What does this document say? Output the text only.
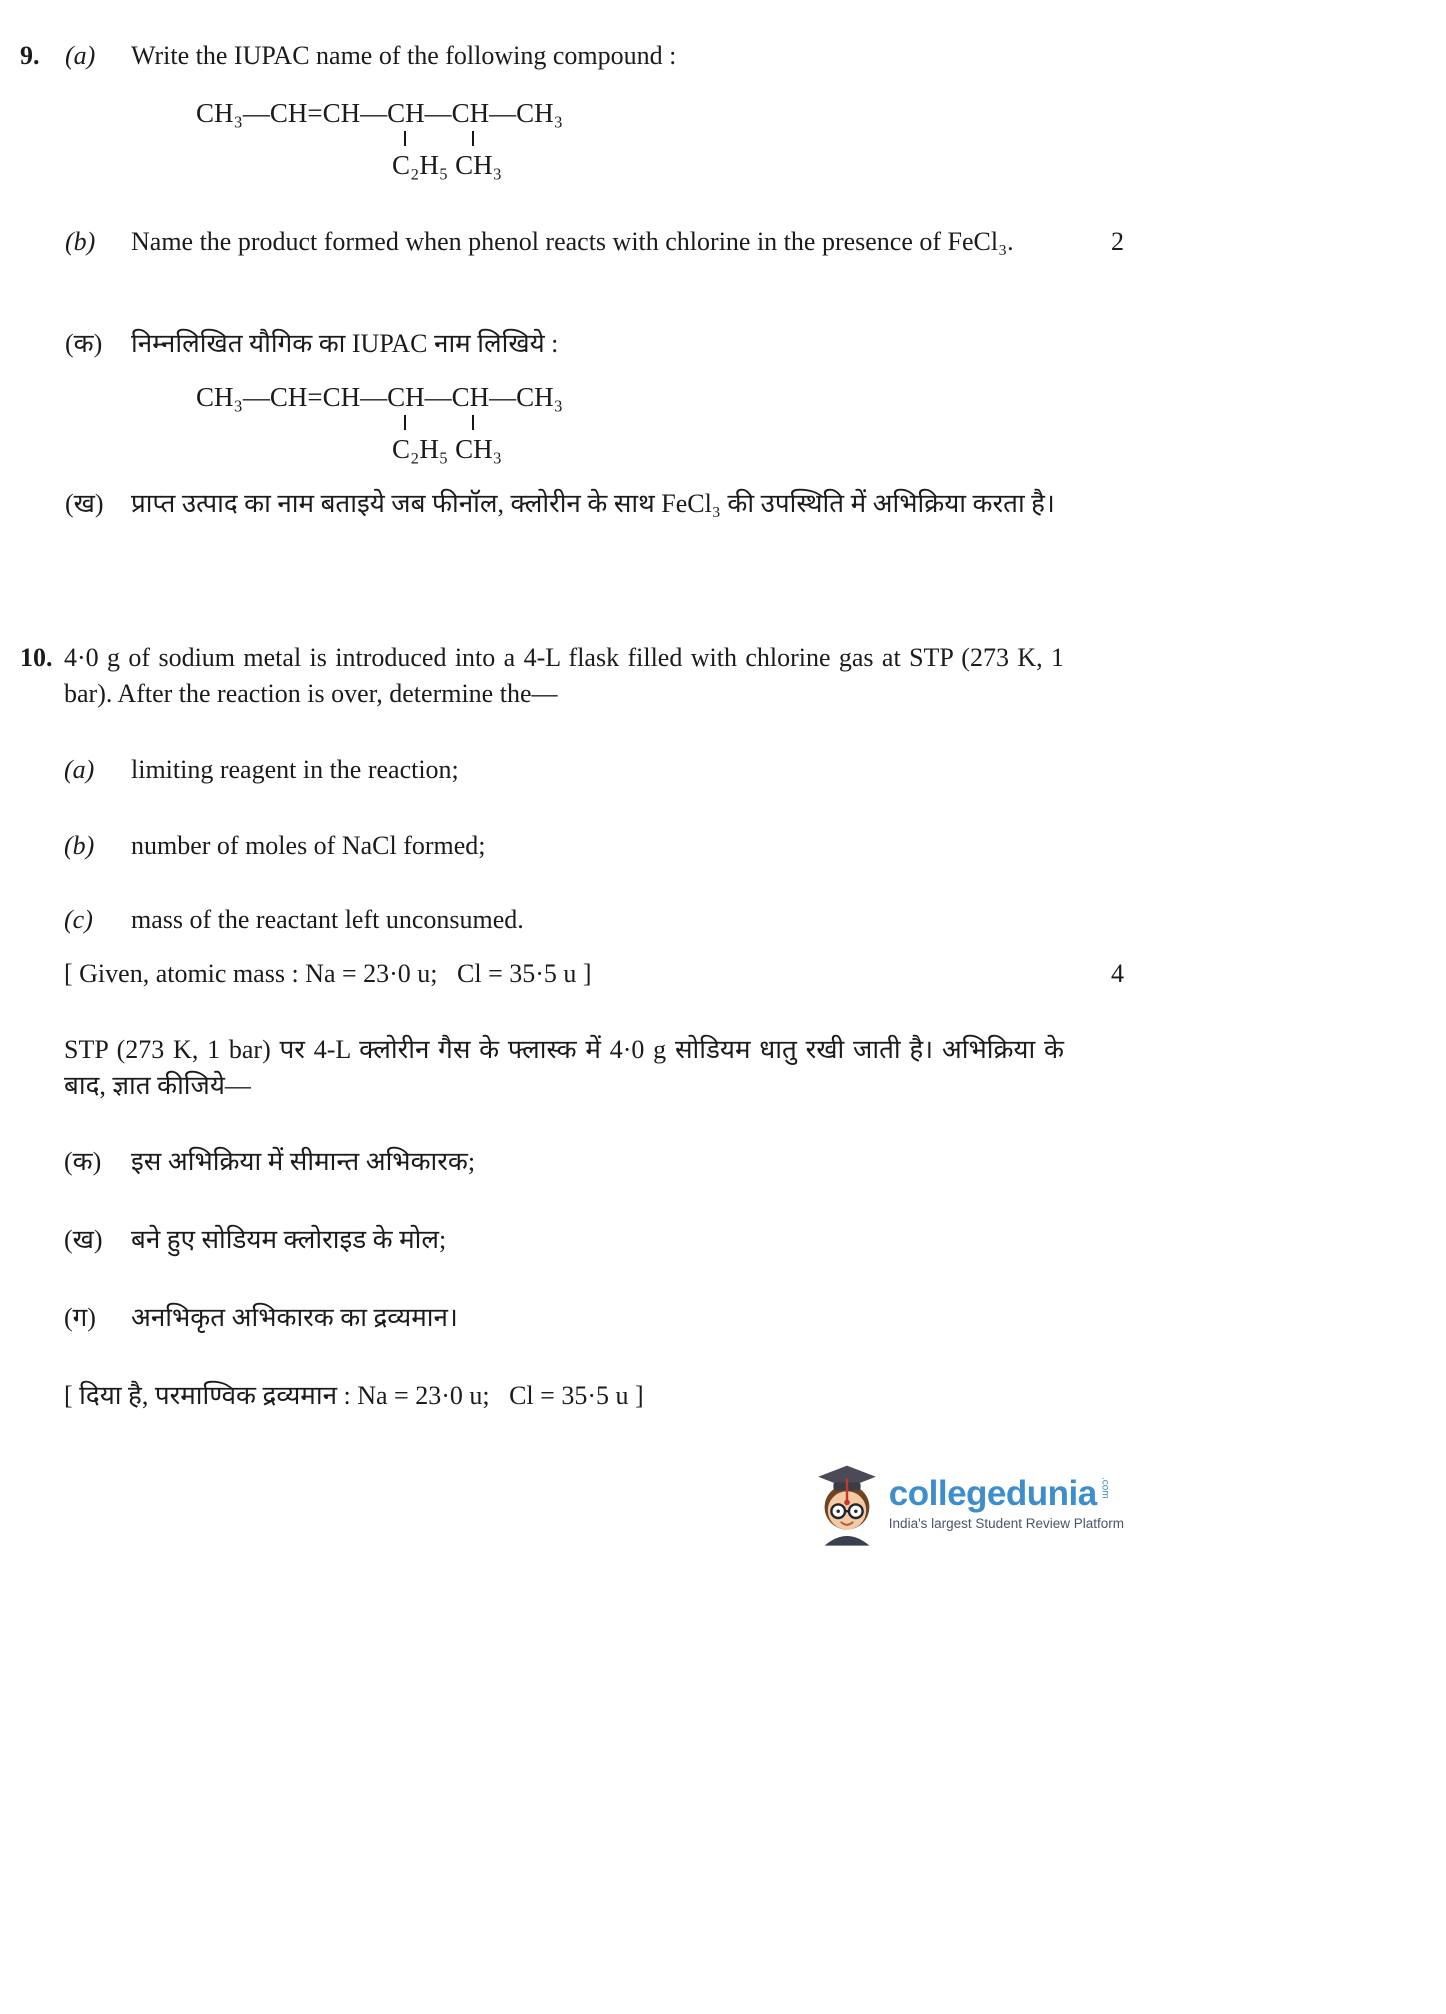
9. (a)	Write the IUPAC name of the following compound :
CH₃—CH=CH—CH—CH—CH₃
C₂H₅ CH₃
(b)	Name the product formed when phenol reacts with chlorine in the presence of FeCl₃.	2
(क)	निम्नलिखित यौगिक का IUPAC नाम लिखिये :
CH₃—CH=CH—CH—CH—CH₃
C₂H₅ CH₃
(ख)	प्राप्त उत्पाद का नाम बताइये जब फीनॉल, क्लोरीन के साथ FeCl₃ की उपस्थिति में अभिक्रिया करता है।
10. 4·0 g of sodium metal is introduced into a 4-L flask filled with chlorine gas at STP (273 K, 1 bar). After the reaction is over, determine the—
(a)	limiting reagent in the reaction;
(b)	number of moles of NaCl formed;
(c)	mass of the reactant left unconsumed.
[ Given, atomic mass : Na = 23·0 u;  Cl = 35·5 u ]	4
STP (273 K, 1 bar) पर 4-L क्लोरीन गैस के फ्लास्क में 4·0 g सोडियम धातु रखी जाती है। अभिक्रिया के बाद, ज्ञात कीजिये—
(क)	इस अभिक्रिया में सीमान्त अभिकारक;
(ख)	बने हुए सोडियम क्लोराइड के मोल;
(ग)	अनभिकृत अभिकारक का द्रव्यमान।
[ दिया है, परमाण्विक द्रव्यमान : Na = 23·0 u;  Cl = 35·5 u ]
collegedunia .com
India's largest Student Review Platform
